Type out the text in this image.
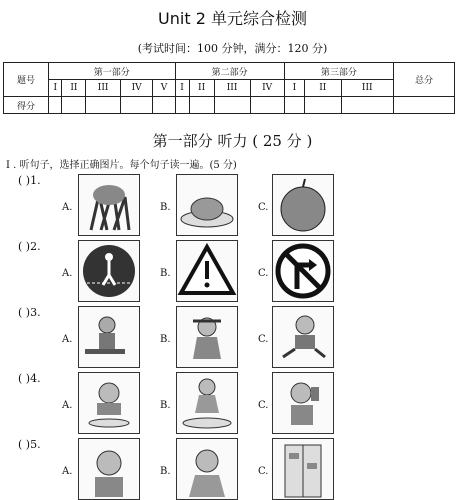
Unit 2 单元综合检测
(考试时间：100 分钟，满分：120 分)
题号	第一部分					第二部分				第三部分			总分
	I	II	III	IV	V	I	II	III	IV	I	II	III	
得分													
第一部分 听力 ( 25 分 )
I . 听句子，选择正确图片。每个句子读一遍。(5 分)
( )1.
A.	B.	C.
( )2.
A.	B.	C.
( )3.
A.	B.	C.
( )4.
A.	B.	C.
( )5.
A.	B.	C.
